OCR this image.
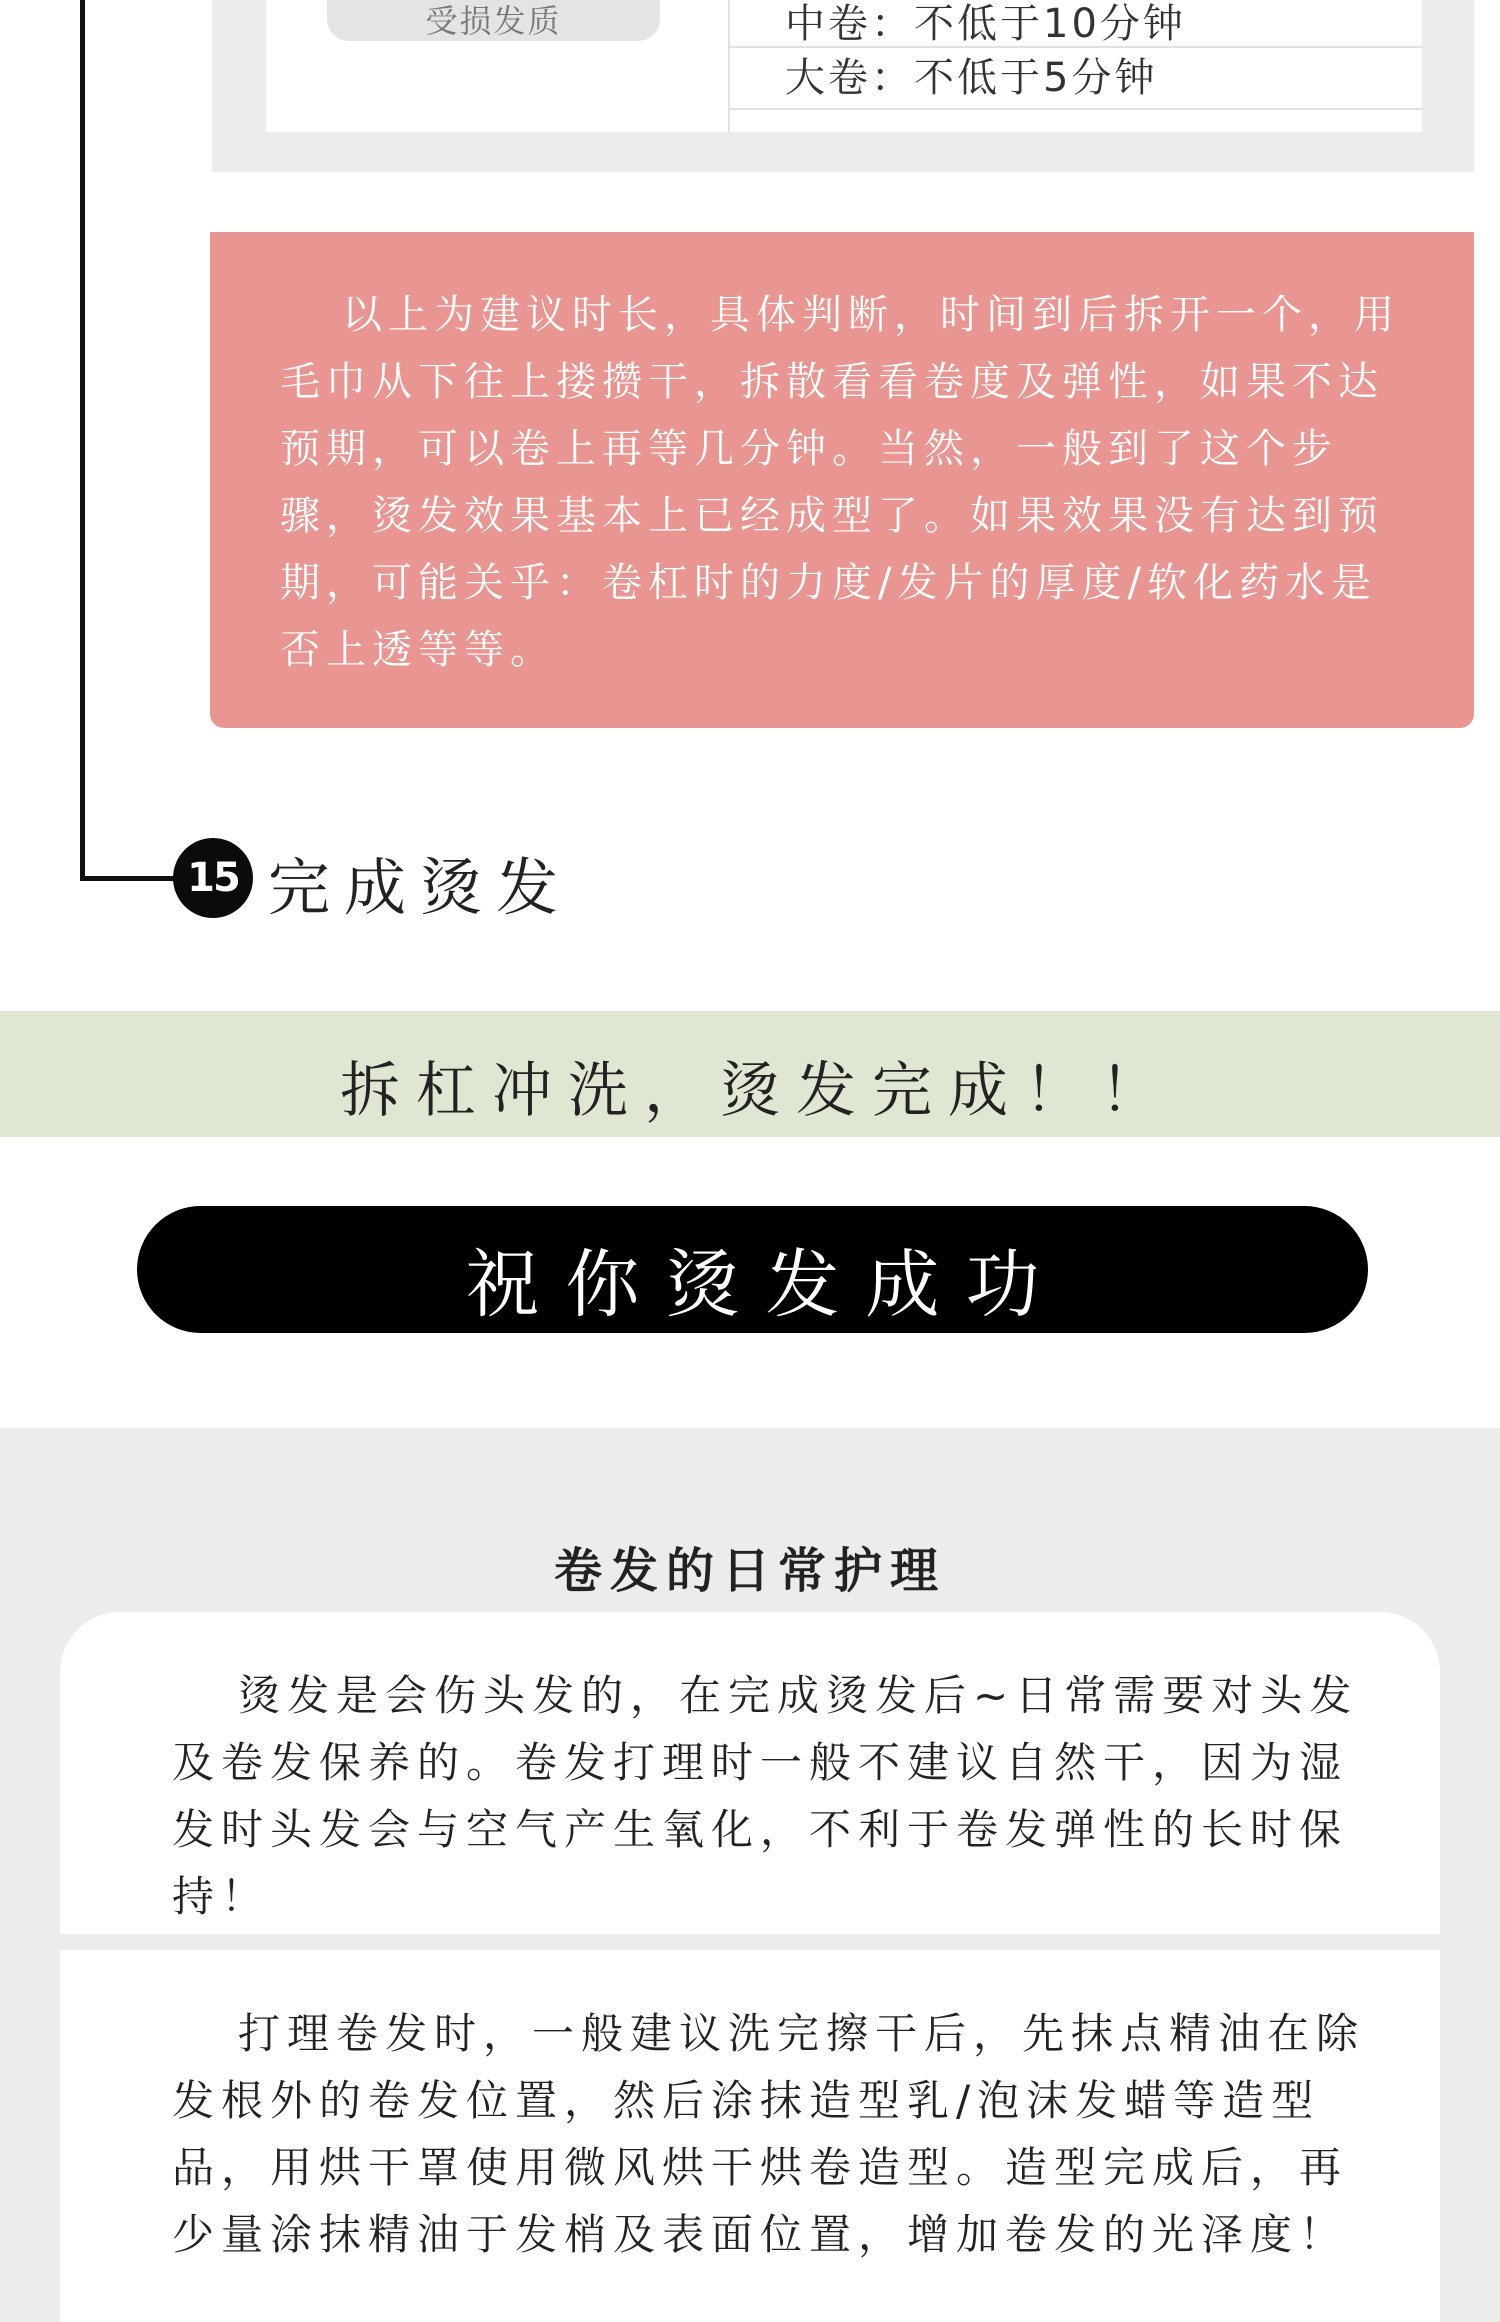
受损发质	中卷：不低于10分钟
大卷：不低于5分钟

以上为建议时长，具体判断，时间到后拆开一个，用毛巾从下往上搂攒干，拆散看看卷度及弹性，如果不达预期，可以卷上再等几分钟。当然，一般到了这个步骤，烫发效果基本上已经成型了。如果效果没有达到预期，可能关乎：卷杠时的力度/发片的厚度/软化药水是否上透等等。

15 完成烫发
拆杠冲洗，烫发完成！！
祝你烫发成功
卷发的日常护理

烫发是会伤头发的，在完成烫发后~日常需要对头发及卷发保养的。卷发打理时一般不建议自然干，因为湿发时头发会与空气产生氧化，不利于卷发弹性的长时保持！

打理卷发时，一般建议洗完擦干后，先抹点精油在除发根外的卷发位置，然后涂抹造型乳/泡沫发蜡等造型品，用烘干罩使用微风烘干烘卷造型。造型完成后，再少量涂抹精油于发梢及表面位置，增加卷发的光泽度！
